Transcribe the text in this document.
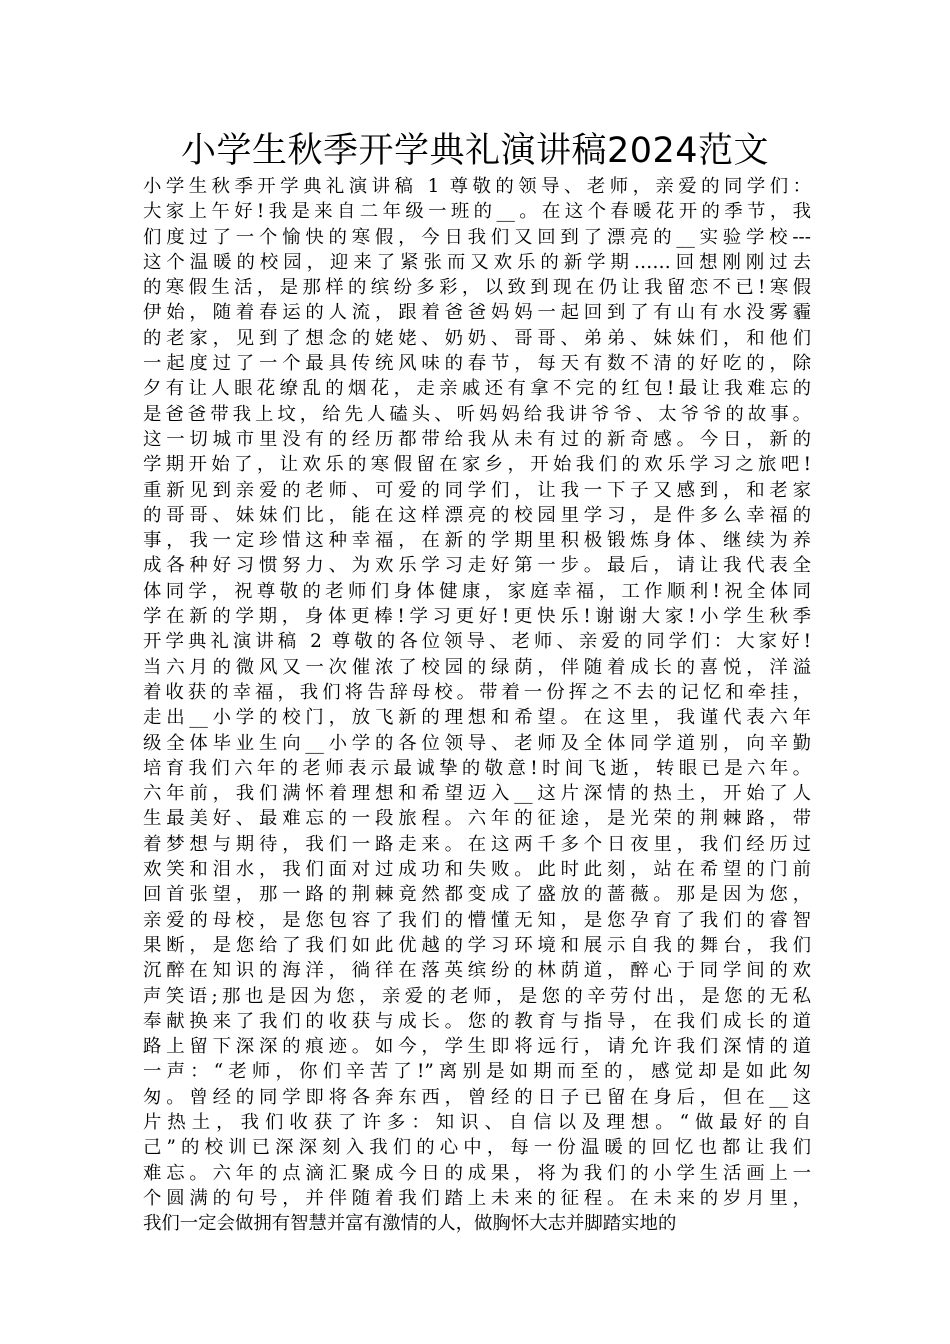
小学生秋季开学典礼演讲稿2024范文
小学生秋季开学典礼演讲稿 1 尊敬的领导、老师，亲爱的同学们：
大家上午好!我是来自二年级一班的__。在这个春暖花开的季节，我
们度过了一个愉快的寒假，今日我们又回到了漂亮的__实验学校---
这个温暖的校园，迎来了紧张而又欢乐的新学期……回想刚刚过去
的寒假生活，是那样的缤纷多彩，以致到现在仍让我留恋不已!寒假
伊始，随着春运的人流，跟着爸爸妈妈一起回到了有山有水没雾霾
的老家，见到了想念的姥姥、奶奶、哥哥、弟弟、妹妹们，和他们
一起度过了一个最具传统风味的春节，每天有数不清的好吃的，除
夕有让人眼花缭乱的烟花，走亲戚还有拿不完的红包!最让我难忘的
是爸爸带我上坟，给先人磕头、听妈妈给我讲爷爷、太爷爷的故事。
这一切城市里没有的经历都带给我从未有过的新奇感。今日，新的
学期开始了，让欢乐的寒假留在家乡，开始我们的欢乐学习之旅吧!
重新见到亲爱的老师、可爱的同学们，让我一下子又感到，和老家
的哥哥、妹妹们比，能在这样漂亮的校园里学习，是件多么幸福的
事，我一定珍惜这种幸福，在新的学期里积极锻炼身体、继续为养
成各种好习惯努力、为欢乐学习走好第一步。最后，请让我代表全
体同学，祝尊敬的老师们身体健康，家庭幸福，工作顺利!祝全体同
学在新的学期，身体更棒!学习更好!更快乐!谢谢大家!小学生秋季
开学典礼演讲稿 2 尊敬的各位领导、老师、亲爱的同学们：大家好!
当六月的微风又一次催浓了校园的绿荫，伴随着成长的喜悦，洋溢
着收获的幸福，我们将告辞母校。带着一份挥之不去的记忆和牵挂，
走出__小学的校门，放飞新的理想和希望。在这里，我谨代表六年
级全体毕业生向__小学的各位领导、老师及全体同学道别，向辛勤
培育我们六年的老师表示最诚挚的敬意!时间飞逝，转眼已是六年。
六年前，我们满怀着理想和希望迈入__这片深情的热土，开始了人
生最美好、最难忘的一段旅程。六年的征途，是光荣的荆棘路，带
着梦想与期待，我们一路走来。在这两千多个日夜里，我们经历过
欢笑和泪水，我们面对过成功和失败。此时此刻，站在希望的门前
回首张望，那一路的荆棘竟然都变成了盛放的蔷薇。那是因为您，
亲爱的母校，是您包容了我们的懵懂无知，是您孕育了我们的睿智
果断，是您给了我们如此优越的学习环境和展示自我的舞台，我们
沉醉在知识的海洋，徜徉在落英缤纷的林荫道，醉心于同学间的欢
声笑语;那也是因为您，亲爱的老师，是您的辛劳付出，是您的无私
奉献换来了我们的收获与成长。您的教育与指导，在我们成长的道
路上留下深深的痕迹。如今，学生即将远行，请允许我们深情的道
一声：“老师，你们辛苦了!”离别是如期而至的，感觉却是如此匆
匆。曾经的同学即将各奔东西，曾经的日子已留在身后，但在__这
片热土，我们收获了许多：知识、自信以及理想。“做最好的自
己”的校训已深深刻入我们的心中，每一份温暖的回忆也都让我们
难忘。六年的点滴汇聚成今日的成果，将为我们的小学生活画上一
个圆满的句号，并伴随着我们踏上未来的征程。在未来的岁月里，
我们一定会做拥有智慧并富有激情的人，做胸怀大志并脚踏实地的
